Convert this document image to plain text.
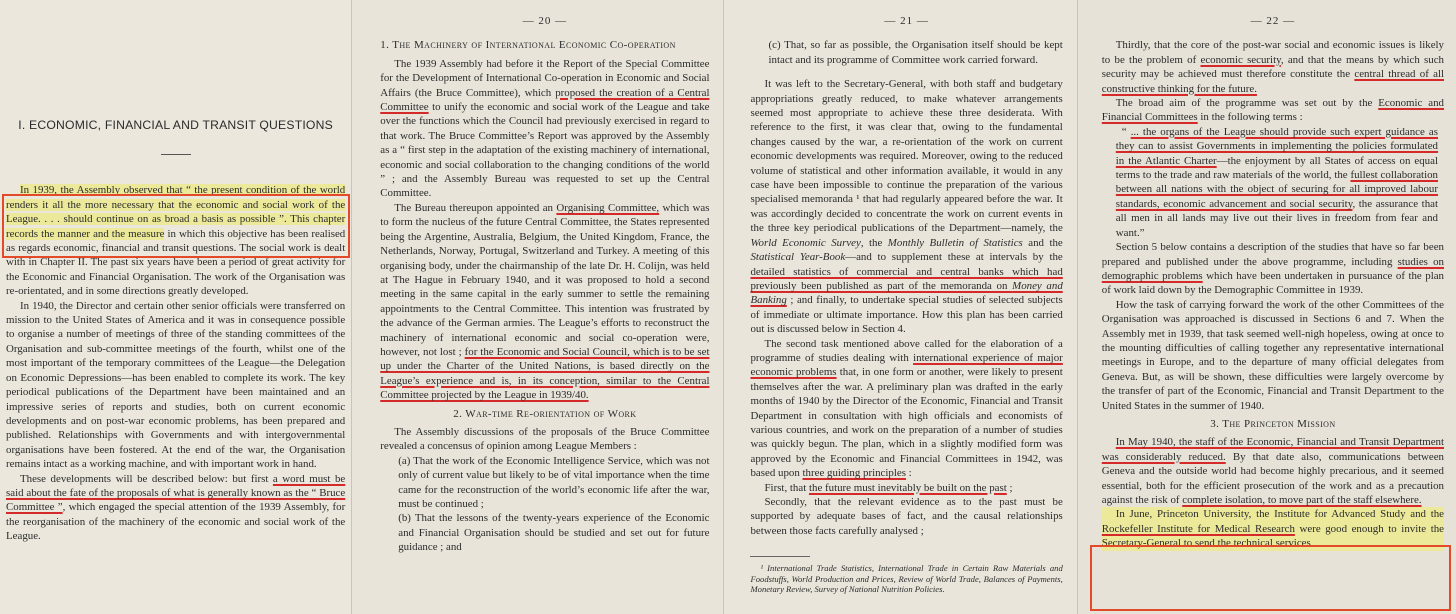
I. ECONOMIC, FINANCIAL AND TRANSIT QUESTIONS

In 1939, the Assembly observed that “ the present condition of the world renders it all the more necessary that the economic and social work of the League. . . . should continue on as broad a basis as possible ”. This chapter records the manner and the measure in which this objective has been realised as regards economic, financial and transit questions. The social work is dealt with in Chapter II. The past six years have been a period of great activity for the Economic and Financial Organisation. The work of the Organisation was re-orientated, and in some directions greatly developed.

In 1940, the Director and certain other senior officials were transferred on mission to the United States of America and it was in consequence possible to organise a number of meetings of three of the standing committees of the Organisation and sub-committee meetings of the fourth, whilst one of the most important of the temporary committees of the League—the Delegation on Economic Depressions—has been enabled to complete its work. The key periodical publications of the Department have been maintained and an impressive series of reports and studies, both on current economic developments and on post-war economic problems, has been prepared and published. Relationships with Governments and with intergovernmental organisations have been fostered. At the end of the war, the Organisation remains intact as a working machine, and with important work in hand.

These developments will be described below: but first a word must be said about the fate of the proposals of what is generally known as the “ Bruce Committee ”, which engaged the special attention of the 1939 Assembly, for the reorganisation of the machinery of the economic and social work of the League.

— 20 —
1. The Machinery of International Economic Co-operation

The 1939 Assembly had before it the Report of the Special Committee for the Development of International Co-operation in Economic and Social Affairs (the Bruce Committee), which proposed the creation of a Central Committee to unify the economic and social work of the League and take over the functions which the Council had previously exercised in regard to that work. The Bruce Committee’s Report was approved by the Assembly as a “ first step in the adaptation of the existing machinery of international, economic and social collaboration to the changing conditions of the world ” ; and the Assembly Bureau was requested to set up the Central Committee.

The Bureau thereupon appointed an Organising Committee, which was to form the nucleus of the future Central Committee, the States represented being the Argentine, Australia, Belgium, the United Kingdom, France, the Netherlands, Norway, Portugal, Switzerland and Turkey. A meeting of this organising body, under the chairmanship of the late Dr. H. Colijn, was held at The Hague in February 1940, and it was proposed to hold a second meeting in the same capital in the early summer to settle the remaining appointments to the Central Committee. This intention was frustrated by the advance of the German armies. The League’s efforts to reconstruct the machinery of international economic and social co-operation were, however, not lost ; for the Economic and Social Council, which is to be set up under the Charter of the United Nations, is based directly on the League’s experience and is, in its conception, similar to the Central Committee projected by the League in 1939/40.

2. War-time Re-orientation of Work

The Assembly discussions of the proposals of the Bruce Committee revealed a concensus of opinion among League Members :

(a) That the work of the Economic Intelligence Service, which was not only of current value but likely to be of vital importance when the time came for the reconstruction of the world’s economic life after the war, must be continued ;

(b) That the lessons of the twenty-years experience of the Economic and Financial Organisation should be studied and set out for future guidance ; and

— 21 —

(c) That, so far as possible, the Organisation itself should be kept intact and its programme of Committee work carried forward.

It was left to the Secretary-General, with both staff and budgetary appropriations greatly reduced, to make whatever arrangements seemed most appropriate to achieve these three desiderata. With reference to the first, it was clear that, owing to the fundamental changes caused by the war, a re-orientation of the work on current economic developments was required. Moreover, owing to the reduced volume of statistical and other information available, it would in any case have been impossible to continue the preparation of the various specialised memoranda ¹ that had regularly appeared before the war. It was accordingly decided to concentrate the work on current events in the three key periodical publications of the Department—namely, the World Economic Survey, the Monthly Bulletin of Statistics and the Statistical Year-Book—and to supplement these at intervals by the detailed statistics of commercial and central banks which had previously been published as part of the memoranda on Money and Banking ; and finally, to undertake special studies of selected subjects of immediate or ultimate importance. How this plan has been carried out is discussed below in Section 4.

The second task mentioned above called for the elaboration of a programme of studies dealing with international experience of major economic problems that, in one form or another, were likely to present themselves after the war. A preliminary plan was drafted in the early months of 1940 by the Director of the Economic, Financial and Transit Department in consultation with high officials and economists of various countries, and work on the preparation of a number of studies was quickly begun. The plan, which in a slightly modified form was approved by the Economic and Financial Committees in 1942, was based upon three guiding principles :

First, that the future must inevitably be built on the past ;

Secondly, that the relevant evidence as to the past must be supported by adequate bases of fact, and the causal relationships between those facts carefully analysed ;

¹ International Trade Statistics, International Trade in Certain Raw Materials and Foodstuffs, World Production and Prices, Review of World Trade, Balances of Payments, Monetary Review, Survey of National Nutrition Policies.

— 22 —

Thirdly, that the core of the post-war social and economic issues is likely to be the problem of economic security, and that the means by which such security may be achieved must therefore constitute the central thread of all constructive thinking for the future.

The broad aim of the programme was set out by the Economic and Financial Committees in the following terms :

“ ... the organs of the League should provide such expert guidance as they can to assist Governments in implementing the policies formulated in the Atlantic Charter—the enjoyment by all States of access on equal terms to the trade and raw materials of the world, the fullest collaboration between all nations with the object of securing for all improved labour standards, economic advancement and social security, the assurance that all men in all lands may live out their lives in freedom from fear and want.”

Section 5 below contains a description of the studies that have so far been prepared and published under the above programme, including studies on demographic problems which have been undertaken in pursuance of the plan of work laid down by the Demographic Committee in 1939.

How the task of carrying forward the work of the other Committees of the Organisation was approached is discussed in Sections 6 and 7. When the Assembly met in 1939, that task seemed well-nigh hopeless, owing at once to the mounting difficulties of calling together any representative international meetings in Europe, and to the departure of many official delegates from Geneva. But, as will be shown, these difficulties were largely overcome by the transfer of part of the Economic, Financial and Transit Department to the United States in the summer of 1940.

3. The Princeton Mission

In May 1940, the staff of the Economic, Financial and Transit Department was considerably reduced. By that date also, communications between Geneva and the outside world had become highly precarious, and it seemed essential, both for the efficient prosecution of the work and as a precaution against the risk of complete isolation, to move part of the staff elsewhere.

In June, Princeton University, the Institute for Advanced Study and the Rockefeller Institute for Medical Research were good enough to invite the Secretary-General to send the technical services
